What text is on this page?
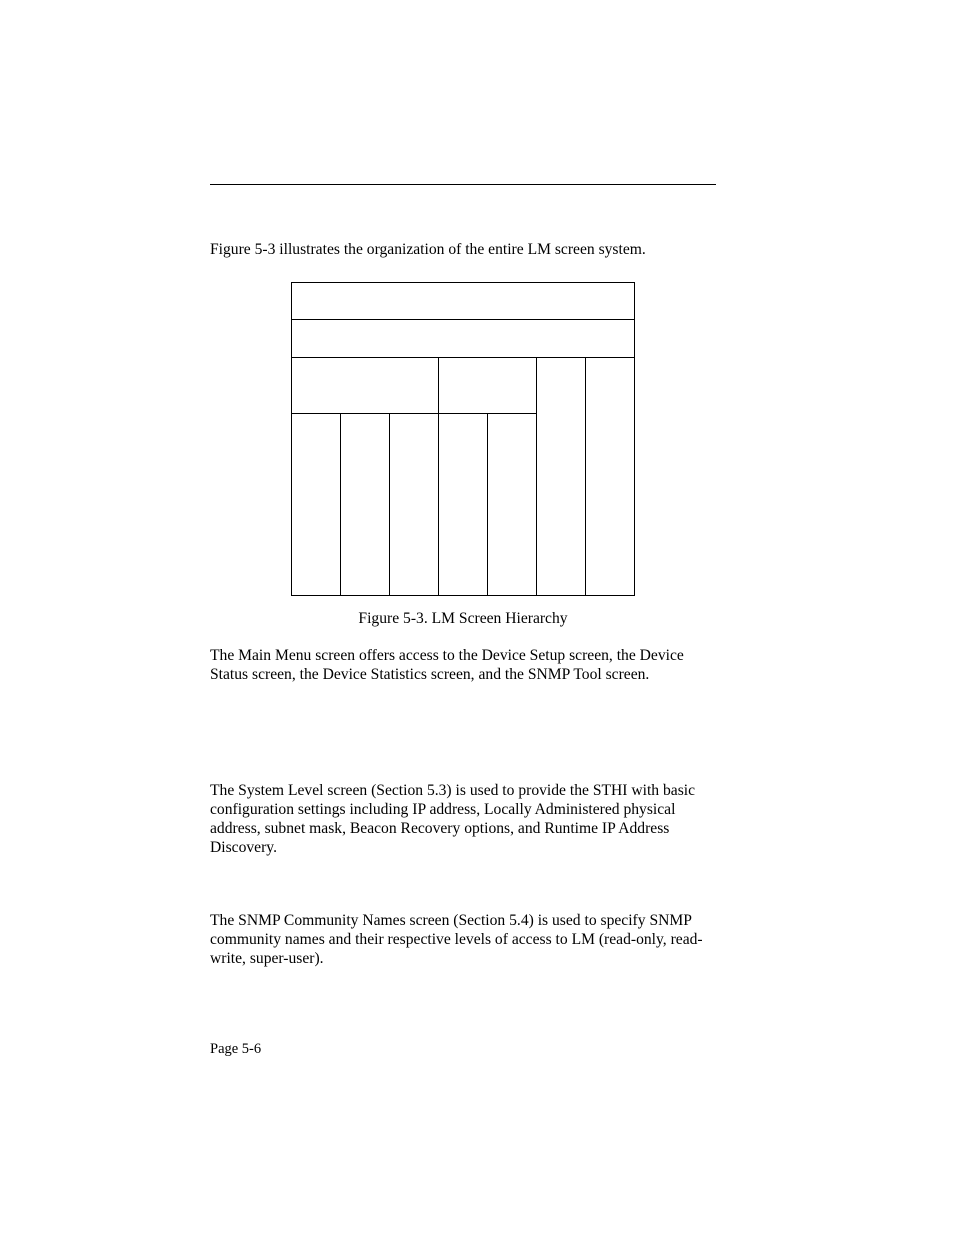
Figure 5-3 illustrates the organization of the entire LM screen system.

Figure 5-3. LM Screen Hierarchy

The Main Menu screen offers access to the Device Setup screen, the Device Status screen, the Device Statistics screen, and the SNMP Tool screen.

The System Level screen (Section 5.3) is used to provide the STHI with basic configuration settings including IP address, Locally Administered physical address, subnet mask, Beacon Recovery options, and Runtime IP Address Discovery.

The SNMP Community Names screen (Section 5.4) is used to specify SNMP community names and their respective levels of access to LM (read-only, read-write, super-user).

Page 5-6
